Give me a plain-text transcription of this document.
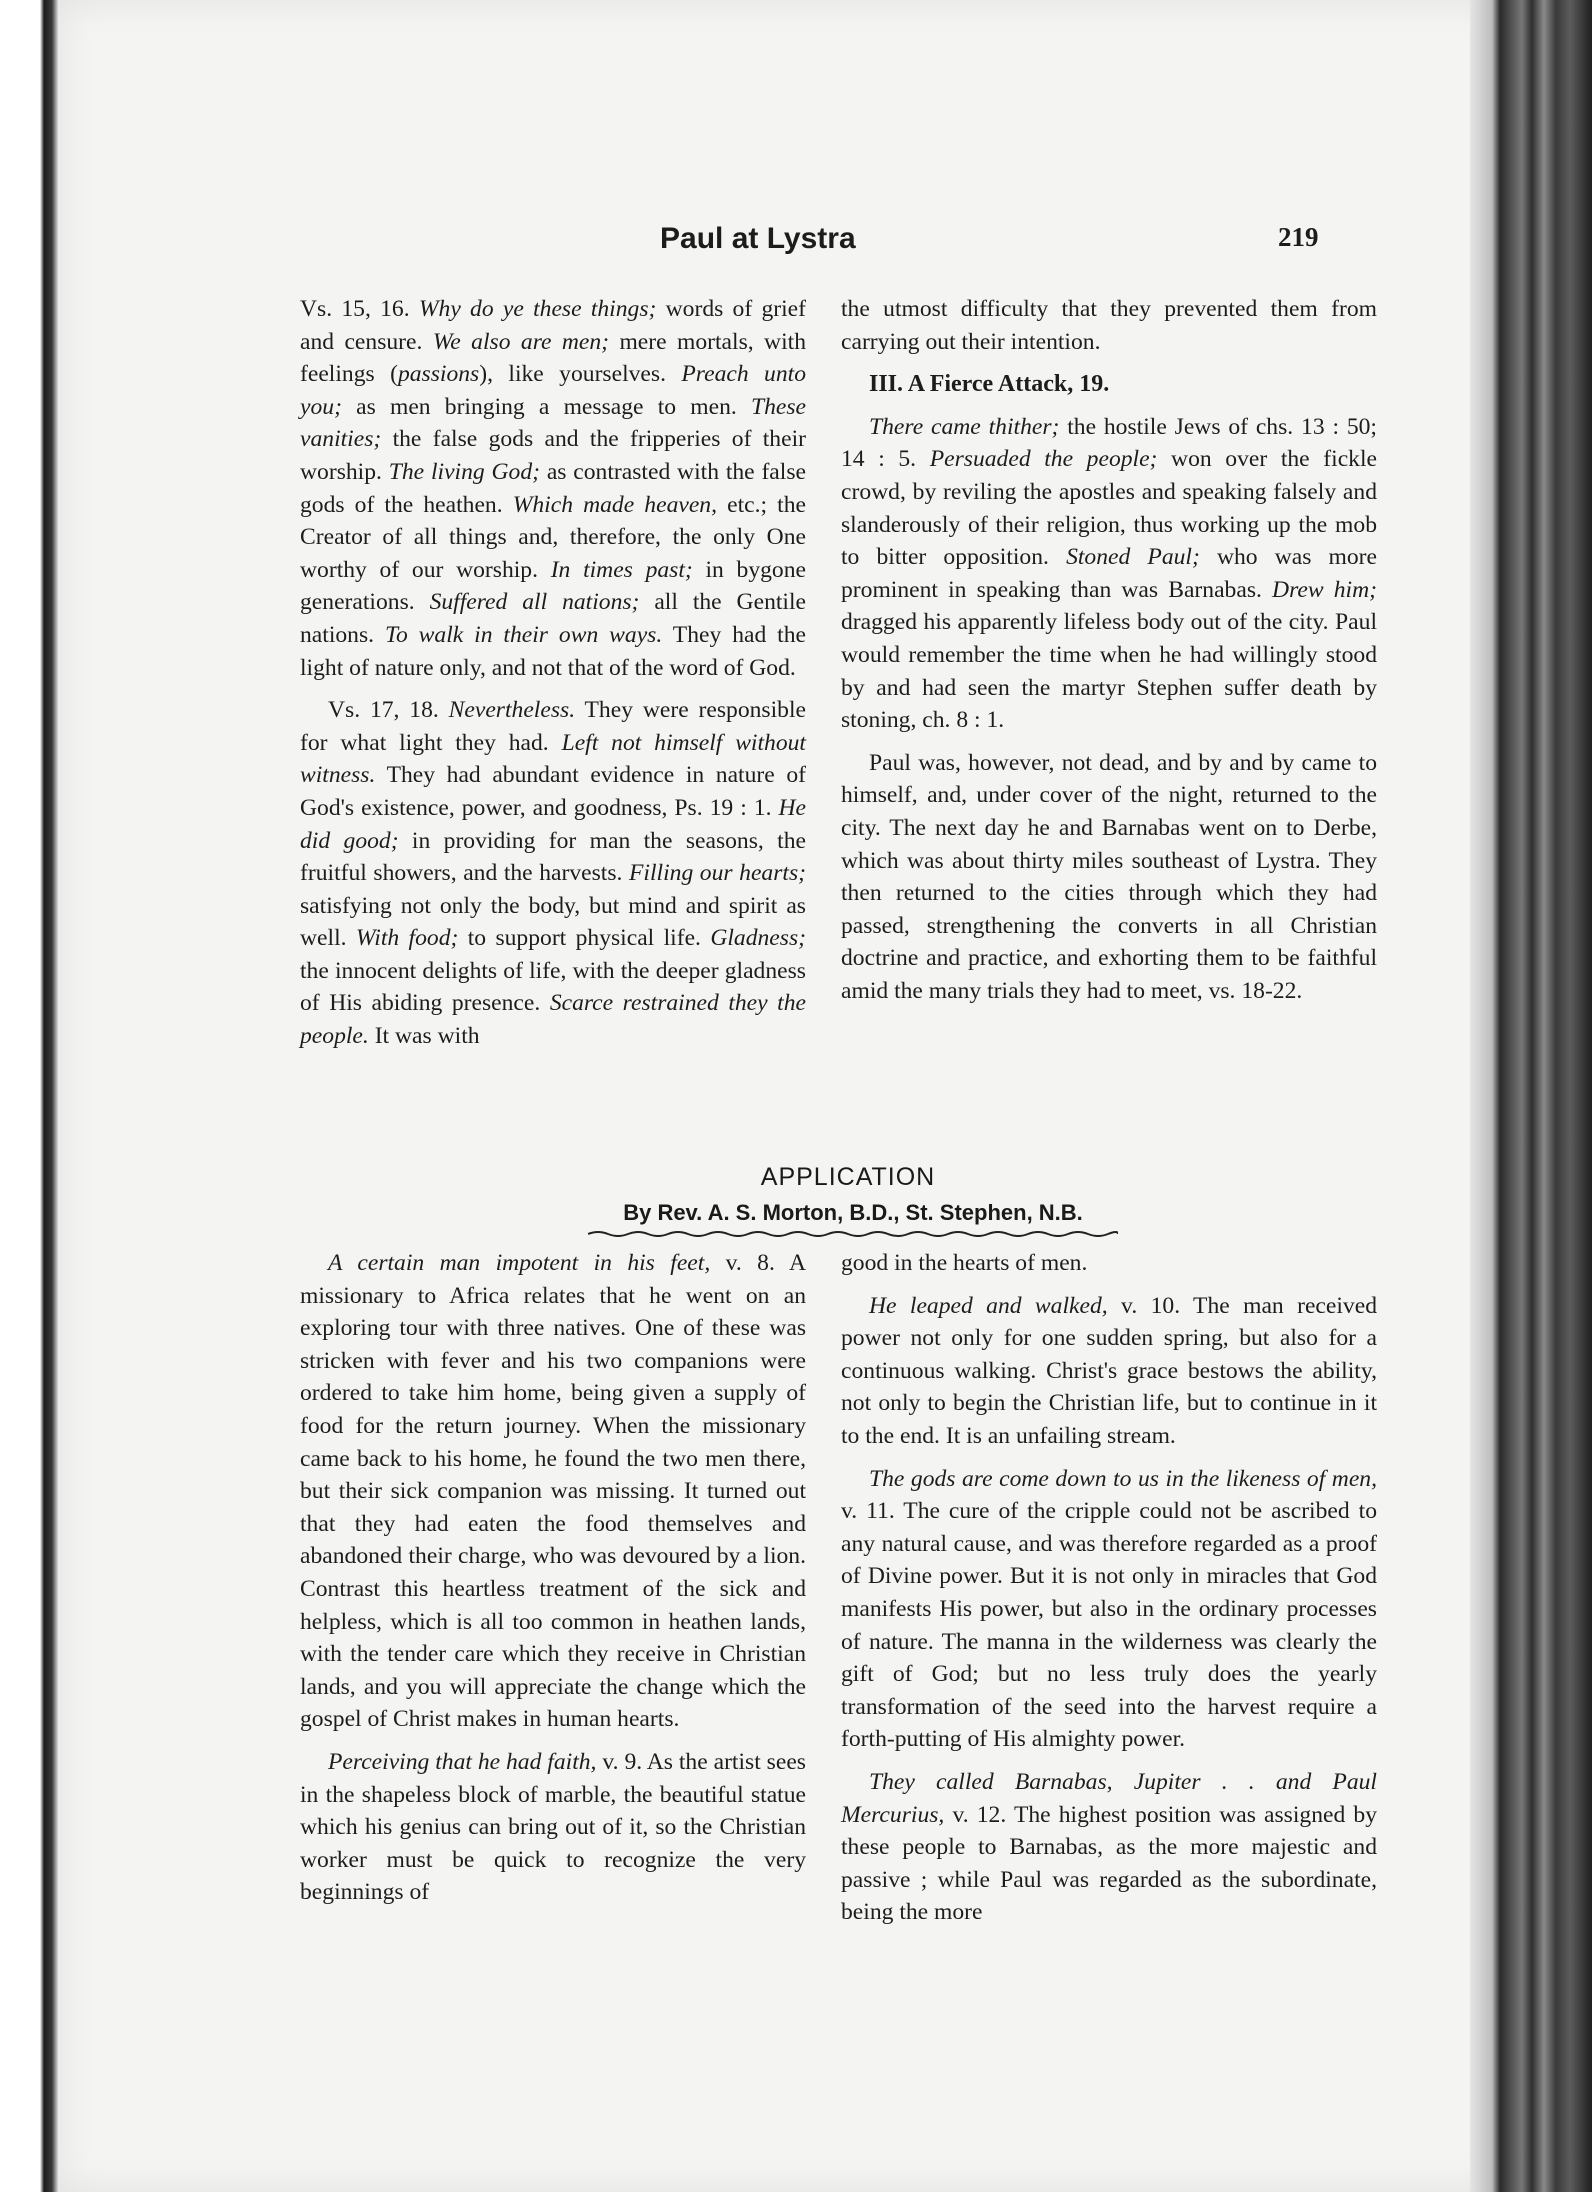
Paul at Lystra	219

Vs. 15, 16. Why do ye these things; words of grief and censure. We also are men; mere mortals, with feelings (passions), like yourselves. Preach unto you; as men bringing a message to men. These vanities; the false gods and the fripperies of their worship. The living God; as contrasted with the false gods of the heathen. Which made heaven, etc.; the Creator of all things and, therefore, the only One worthy of our worship. In times past; in bygone generations. Suffered all nations; all the Gentile nations. To walk in their own ways. They had the light of nature only, and not that of the word of God.

Vs. 17, 18. Nevertheless. They were responsible for what light they had. Left not himself without witness. They had abundant evidence in nature of God's existence, power, and goodness, Ps. 19 : 1. He did good; in providing for man the seasons, the fruitful showers, and the harvests. Filling our hearts; satisfying not only the body, but mind and spirit as well. With food; to support physical life. Gladness; the innocent delights of life, with the deeper gladness of His abiding presence. Scarce restrained they the people. It was with

the utmost difficulty that they prevented them from carrying out their intention.

III. A Fierce Attack, 19.

There came thither; the hostile Jews of chs. 13 : 50; 14 : 5. Persuaded the people; won over the fickle crowd, by reviling the apostles and speaking falsely and slanderously of their religion, thus working up the mob to bitter opposition. Stoned Paul; who was more prominent in speaking than was Barnabas. Drew him; dragged his apparently lifeless body out of the city. Paul would remember the time when he had willingly stood by and had seen the martyr Stephen suffer death by stoning, ch. 8 : 1.

Paul was, however, not dead, and by and by came to himself, and, under cover of the night, returned to the city. The next day he and Barnabas went on to Derbe, which was about thirty miles southeast of Lystra. They then returned to the cities through which they had passed, strengthening the converts in all Christian doctrine and practice, and exhorting them to be faithful amid the many trials they had to meet, vs. 18-22.

APPLICATION
By Rev. A. S. Morton, B.D., St. Stephen, N.B.

A certain man impotent in his feet, v. 8. A missionary to Africa relates that he went on an exploring tour with three natives. One of these was stricken with fever and his two companions were ordered to take him home, being given a supply of food for the return journey. When the missionary came back to his home, he found the two men there, but their sick companion was missing. It turned out that they had eaten the food themselves and abandoned their charge, who was devoured by a lion. Contrast this heartless treatment of the sick and helpless, which is all too common in heathen lands, with the tender care which they receive in Christian lands, and you will appreciate the change which the gospel of Christ makes in human hearts.

Perceiving that he had faith, v. 9. As the artist sees in the shapeless block of marble, the beautiful statue which his genius can bring out of it, so the Christian worker must be quick to recognize the very beginnings of

good in the hearts of men.

He leaped and walked, v. 10. The man received power not only for one sudden spring, but also for a continuous walking. Christ's grace bestows the ability, not only to begin the Christian life, but to continue in it to the end. It is an unfailing stream.

The gods are come down to us in the likeness of men, v. 11. The cure of the cripple could not be ascribed to any natural cause, and was therefore regarded as a proof of Divine power. But it is not only in miracles that God manifests His power, but also in the ordinary processes of nature. The manna in the wilderness was clearly the gift of God; but no less truly does the yearly transformation of the seed into the harvest require a forth-putting of His almighty power.

They called Barnabas, Jupiter . . and Paul Mercurius, v. 12. The highest position was assigned by these people to Barnabas, as the more majestic and passive ; while Paul was regarded as the subordinate, being the more
